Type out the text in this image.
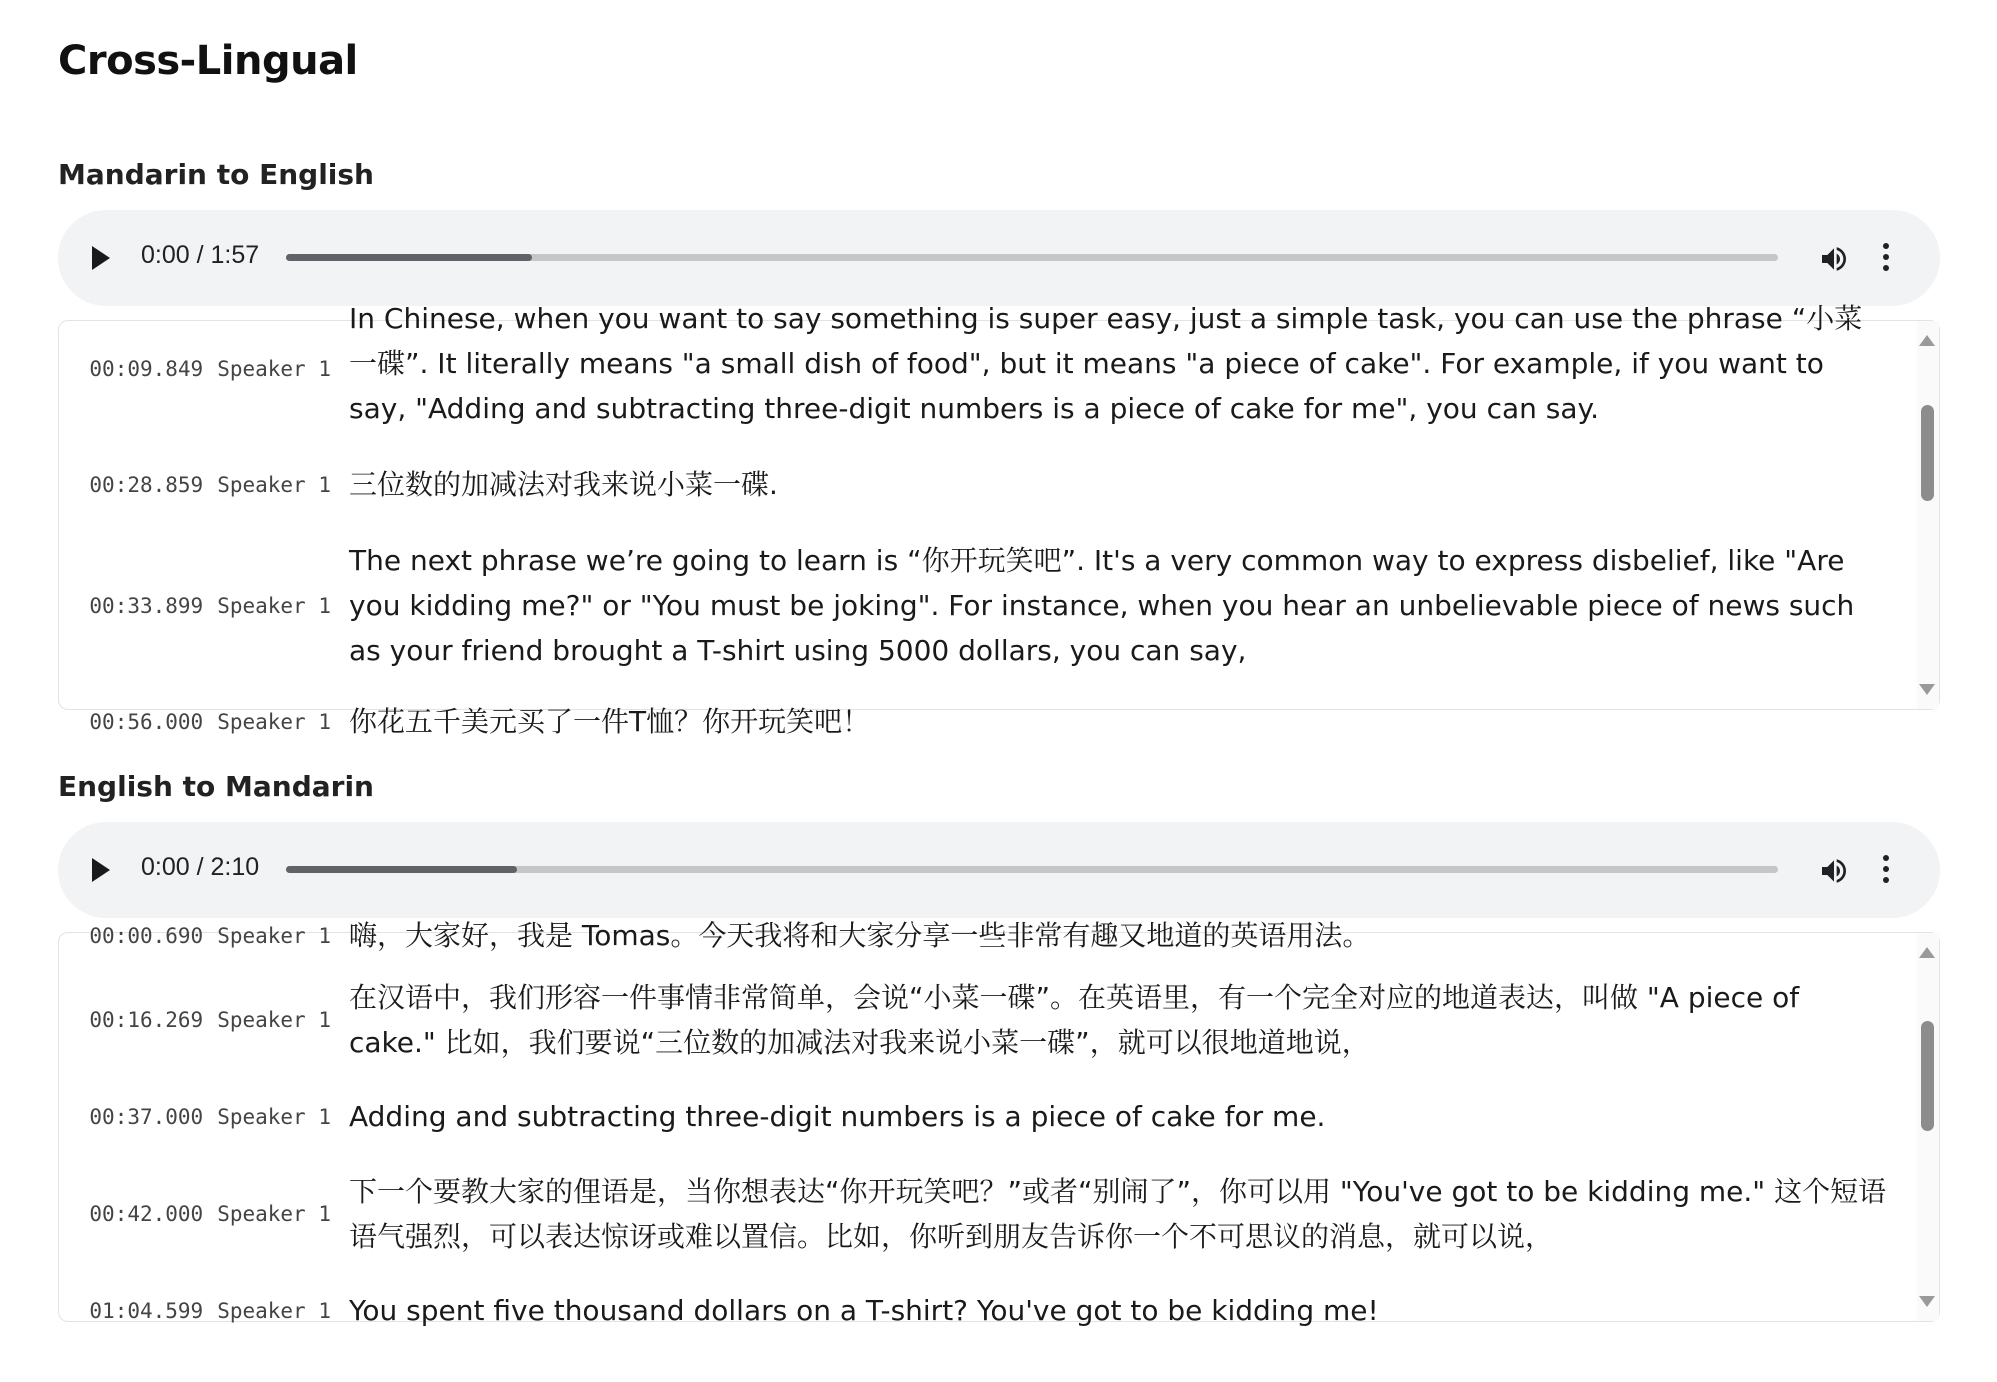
Cross-Lingual
Mandarin to English
0:00 / 1:57
00:09.849 Speaker 1
In Chinese, when you want to say something is super easy, just a simple task, you can use the phrase “小菜一碟”. It literally means "a small dish of food", but it means "a piece of cake". For example, if you want to say, "Adding and subtracting three-digit numbers is a piece of cake for me", you can say.
00:28.859 Speaker 1 三位数的加减法对我来说小菜一碟.
00:33.899 Speaker 1
The next phrase we’re going to learn is “你开玩笑吧”. It's a very common way to express disbelief, like "Are you kidding me?" or "You must be joking". For instance, when you hear an unbelievable piece of news such as your friend brought a T-shirt using 5000 dollars, you can say,
00:56.000 Speaker 1 你花五千美元买了一件T恤？你开玩笑吧！
English to Mandarin
0:00 / 2:10
00:00.690 Speaker 1 嗨，大家好，我是 Tomas。今天我将和大家分享一些非常有趣又地道的英语用法。
00:16.269 Speaker 1
在汉语中，我们形容一件事情非常简单，会说“小菜一碟”。在英语里，有一个完全对应的地道表达，叫做 "A piece of cake." 比如，我们要说“三位数的加减法对我来说小菜一碟”，就可以很地道地说，
00:37.000 Speaker 1 Adding and subtracting three-digit numbers is a piece of cake for me.
00:42.000 Speaker 1
下一个要教大家的俚语是，当你想表达“你开玩笑吧？”或者“别闹了”，你可以用 "You've got to be kidding me." 这个短语语气强烈，可以表达惊讶或难以置信。比如，你听到朋友告诉你一个不可思议的消息，就可以说，
01:04.599 Speaker 1 You spent five thousand dollars on a T-shirt? You've got to be kidding me!
